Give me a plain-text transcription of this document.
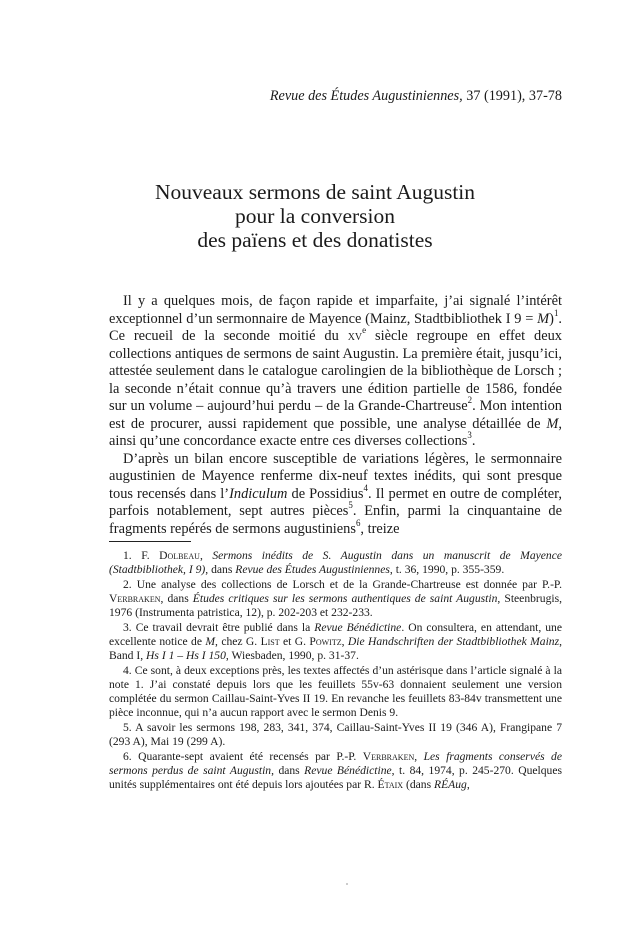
Revue des Études Augustiniennes, 37 (1991), 37-78
Nouveaux sermons de saint Augustin
pour la conversion
des païens et des donatistes

Il y a quelques mois, de façon rapide et imparfaite, j’ai signalé l’intérêt exceptionnel d’un sermonnaire de Mayence (Mainz, Stadtbibliothek I 9 = M)$^1$. Ce recueil de la seconde moitié du $xv^e$ siècle regroupe en effet deux collections antiques de sermons de saint Augustin. La première était, jusqu’ici, attestée seulement dans le catalogue carolingien de la bibliothèque de Lorsch ; la seconde n’était connue qu’à travers une édition partielle de 1586, fondée sur un volume – aujourd’hui perdu – de la Grande-Chartreuse$^2$. Mon intention est de procurer, aussi rapidement que possible, une analyse détaillée de M, ainsi qu’une concordance exacte entre ces diverses collections$^3$.

D’après un bilan encore susceptible de variations légères, le sermonnaire augustinien de Mayence renferme dix-neuf textes inédits, qui sont presque tous recensés dans l’Indiculum de Possidius$^4$. Il permet en outre de compléter, parfois notablement, sept autres pièces$^5$. Enfin, parmi la cinquantaine de fragments repérés de sermons augustiniens$^6$, treize

1. F. Dolbeau, Sermons inédits de S. Augustin dans un manuscrit de Mayence (Stadtbibliothek, I 9), dans Revue des Études Augustiniennes, t. 36, 1990, p. 355-359.

2. Une analyse des collections de Lorsch et de la Grande-Chartreuse est donnée par P.-P. Verbraken, dans Études critiques sur les sermons authentiques de saint Augustin, Steenbrugis, 1976 (Instrumenta patristica, 12), p. 202-203 et 232-233.

3. Ce travail devrait être publié dans la Revue Bénédictine. On consultera, en attendant, une excellente notice de M, chez G. List et G. Powitz, Die Handschriften der Stadtbibliothek Mainz, Band I, Hs I 1 – Hs I 150, Wiesbaden, 1990, p. 31-37.

4. Ce sont, à deux exceptions près, les textes affectés d’un astérisque dans l’article signalé à la note 1. J’ai constaté depuis lors que les feuillets 55v-63 donnaient seulement une version complétée du sermon Caillau-Saint-Yves II 19. En revanche les feuillets 83-84v transmettent une pièce inconnue, qui n’a aucun rapport avec le sermon Denis 9.

5. A savoir les sermons 198, 283, 341, 374, Caillau-Saint-Yves II 19 (346 A), Frangipane 7 (293 A), Mai 19 (299 A).

6. Quarante-sept avaient été recensés par P.-P. Verbraken, Les fragments conservés de sermons perdus de saint Augustin, dans Revue Bénédictine, t. 84, 1974, p. 245-270. Quelques unités supplémentaires ont été depuis lors ajoutées par R. Étaix (dans RÉAug,
